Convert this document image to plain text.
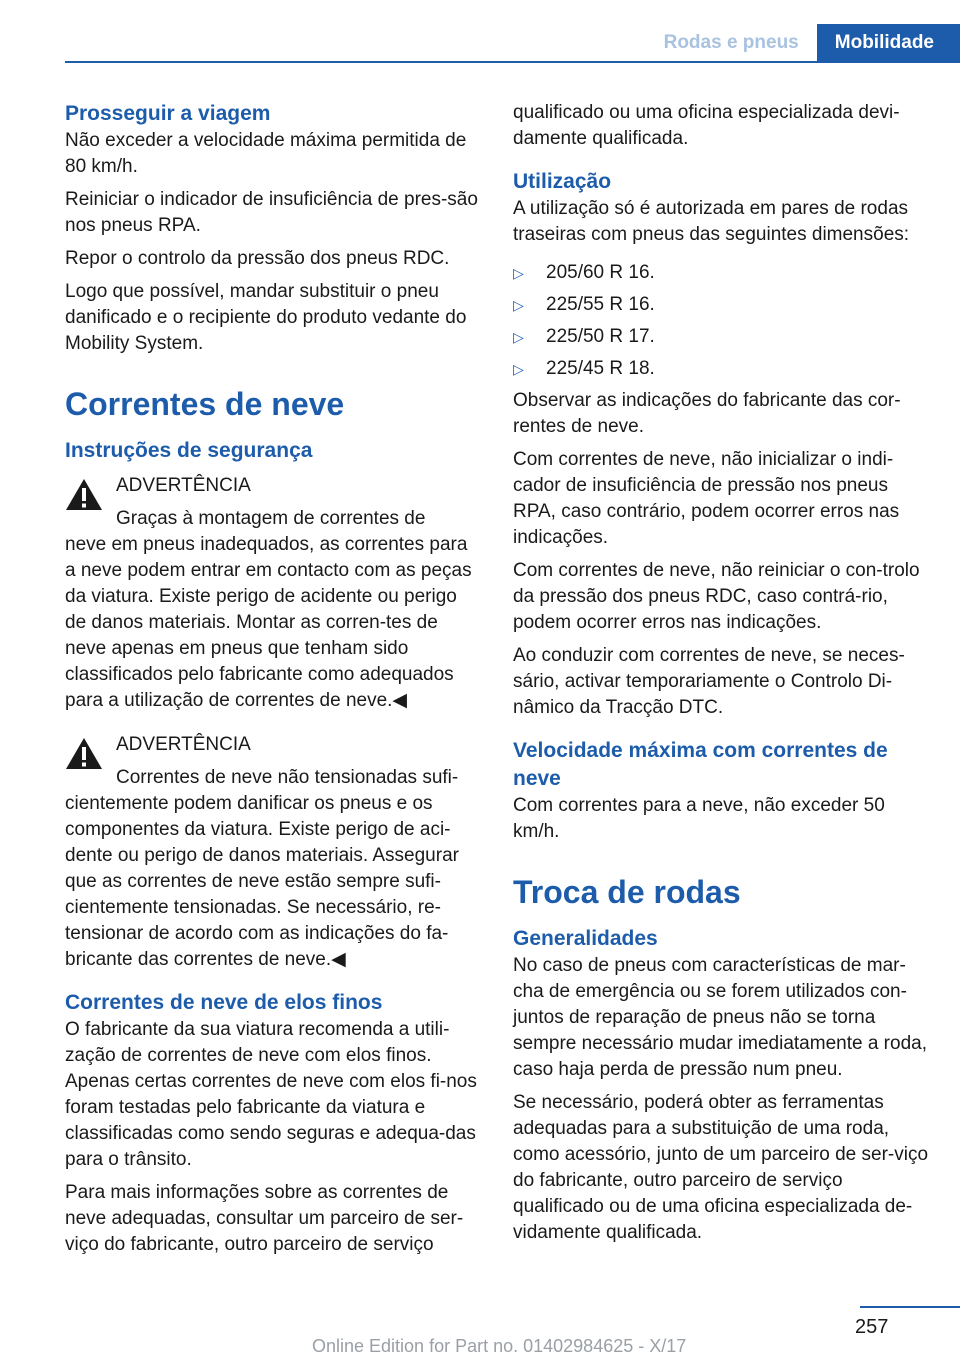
Rodas e pneus	Mobilidade
Prosseguir a viagem

Não exceder a velocidade máxima permitida de 80 km/h.

Reiniciar o indicador de insuficiência de pres‐são nos pneus RPA.

Repor o controlo da pressão dos pneus RDC.

Logo que possível, mandar substituir o pneu danificado e o recipiente do produto vedante do Mobility System.

Correntes de neve
Instruções de segurança
ADVERTÊNCIA
Graças à montagem de correntes de
neve em pneus inadequados, as correntes para a neve podem entrar em contacto com as peças da viatura. Existe perigo de acidente ou perigo de danos materiais. Montar as corren‐tes de neve apenas em pneus que tenham sido classificados pelo fabricante como adequados para a utilização de correntes de neve.◀
ADVERTÊNCIA
Correntes de neve não tensionadas sufi‐
cientemente podem danificar os pneus e os componentes da viatura. Existe perigo de aci‐dente ou perigo de danos materiais. Assegurar que as correntes de neve estão sempre sufi‐cientemente tensionadas. Se necessário, re‐tensionar de acordo com as indicações do fa‐bricante das correntes de neve.◀
Correntes de neve de elos finos

O fabricante da sua viatura recomenda a utili‐zação de correntes de neve com elos finos. Apenas certas correntes de neve com elos fi‐nos foram testadas pelo fabricante da viatura e classificadas como sendo seguras e adequa‐das para o trânsito.

Para mais informações sobre as correntes de neve adequadas, consultar um parceiro de ser‐viço do fabricante, outro parceiro de serviço

qualificado ou uma oficina especializada devi‐damente qualificada.

Utilização

A utilização só é autorizada em pares de rodas traseiras com pneus das seguintes dimensões:

▷ 205/60 R 16.
▷ 225/55 R 16.
▷ 225/50 R 17.
▷ 225/45 R 18.

Observar as indicações do fabricante das cor‐rentes de neve.

Com correntes de neve, não inicializar o indi‐cador de insuficiência de pressão nos pneus RPA, caso contrário, podem ocorrer erros nas indicações.

Com correntes de neve, não reiniciar o con‐trolo da pressão dos pneus RDC, caso contrá‐rio, podem ocorrer erros nas indicações.

Ao conduzir com correntes de neve, se neces‐sário, activar temporariamente o Controlo Di‐nâmico da Tracção DTC.

Velocidade máxima com correntes de neve

Com correntes para a neve, não exceder 50 km/h.

Troca de rodas
Generalidades

No caso de pneus com características de mar‐cha de emergência ou se forem utilizados con‐juntos de reparação de pneus não se torna sempre necessário mudar imediatamente a roda, caso haja perda de pressão num pneu.

Se necessário, poderá obter as ferramentas adequadas para a substituição de uma roda, como acessório, junto de um parceiro de ser‐viço do fabricante, outro parceiro de serviço qualificado ou de uma oficina especializada de‐vidamente qualificada.

257
Online Edition for Part no. 01402984625 - X/17
